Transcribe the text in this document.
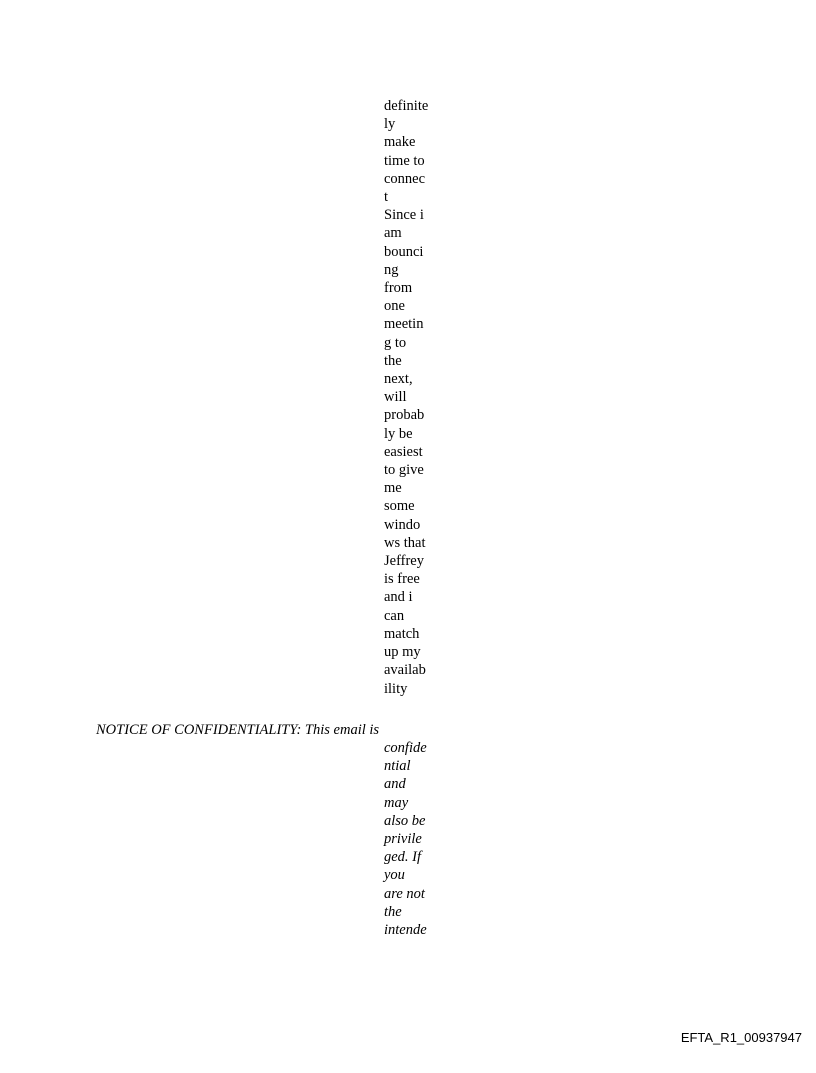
definite
ly
make
time to
connec
t
Since i
am
bounci
ng
from
one
meetin
g to
the
next,
will
probab
ly be
easiest
to give
me
some
windo
ws that
Jeffrey
is free
and i
can
match
up my
availab
ility
NOTICE OF CONFIDENTIALITY: This email is
confide
ntial
and
may
also be
privile
ged. If
you
are not
the
intende
EFTA_R1_00937947
